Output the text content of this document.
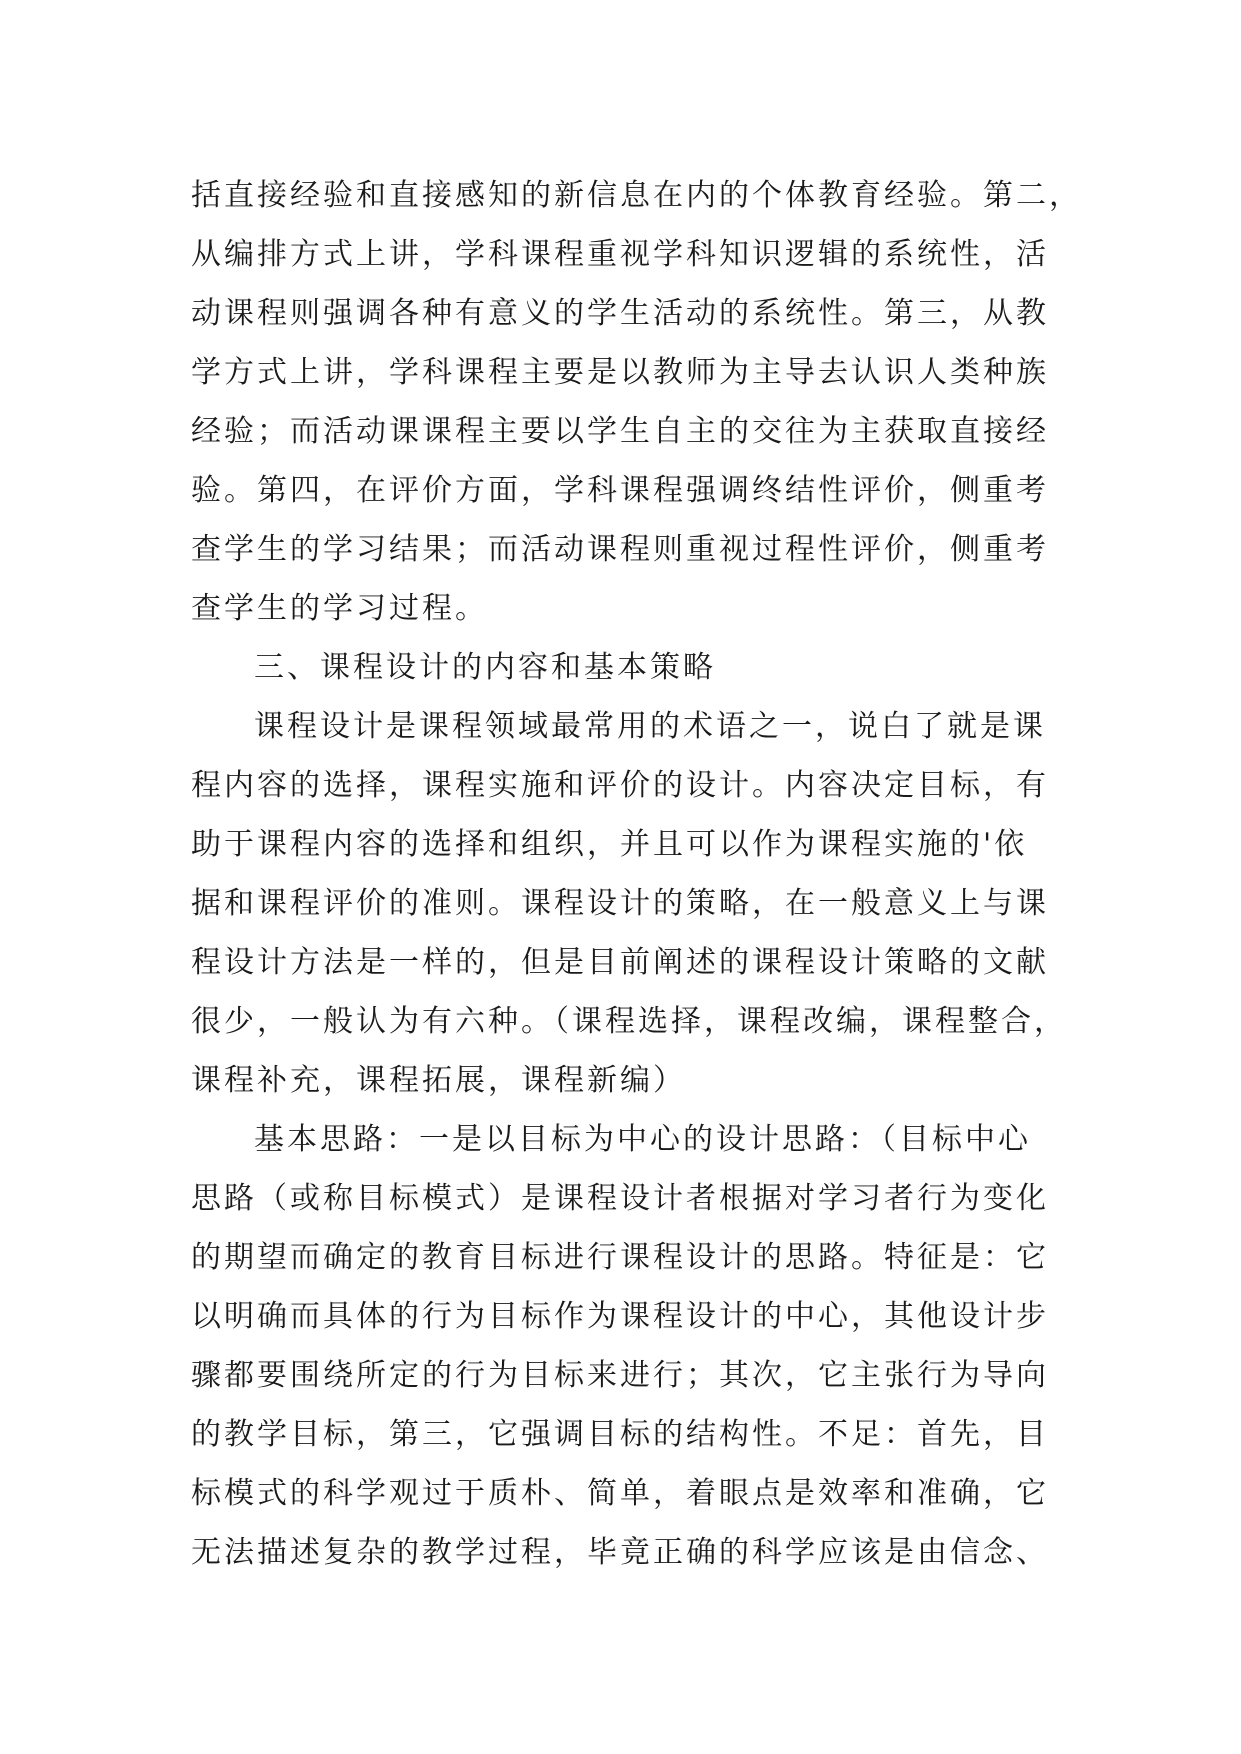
括直接经验和直接感知的新信息在内的个体教育经验。第二，
从编排方式上讲，学科课程重视学科知识逻辑的系统性，活
动课程则强调各种有意义的学生活动的系统性。第三，从教
学方式上讲，学科课程主要是以教师为主导去认识人类种族
经验；而活动课课程主要以学生自主的交往为主获取直接经
验。第四，在评价方面，学科课程强调终结性评价，侧重考
查学生的学习结果；而活动课程则重视过程性评价，侧重考
查学生的学习过程。
三、课程设计的内容和基本策略
课程设计是课程领域最常用的术语之一，说白了就是课
程内容的选择，课程实施和评价的设计。内容决定目标，有
助于课程内容的选择和组织，并且可以作为课程实施的'依
据和课程评价的准则。课程设计的策略，在一般意义上与课
程设计方法是一样的，但是目前阐述的课程设计策略的文献
很少，一般认为有六种。（课程选择，课程改编，课程整合，
课程补充，课程拓展，课程新编）
基本思路：一是以目标为中心的设计思路：（目标中心
思路（或称目标模式）是课程设计者根据对学习者行为变化
的期望而确定的教育目标进行课程设计的思路。特征是：它
以明确而具体的行为目标作为课程设计的中心，其他设计步
骤都要围绕所定的行为目标来进行；其次，它主张行为导向
的教学目标，第三，它强调目标的结构性。不足：首先，目
标模式的科学观过于质朴、简单，着眼点是效率和准确，它
无法描述复杂的教学过程，毕竟正确的科学应该是由信念、
